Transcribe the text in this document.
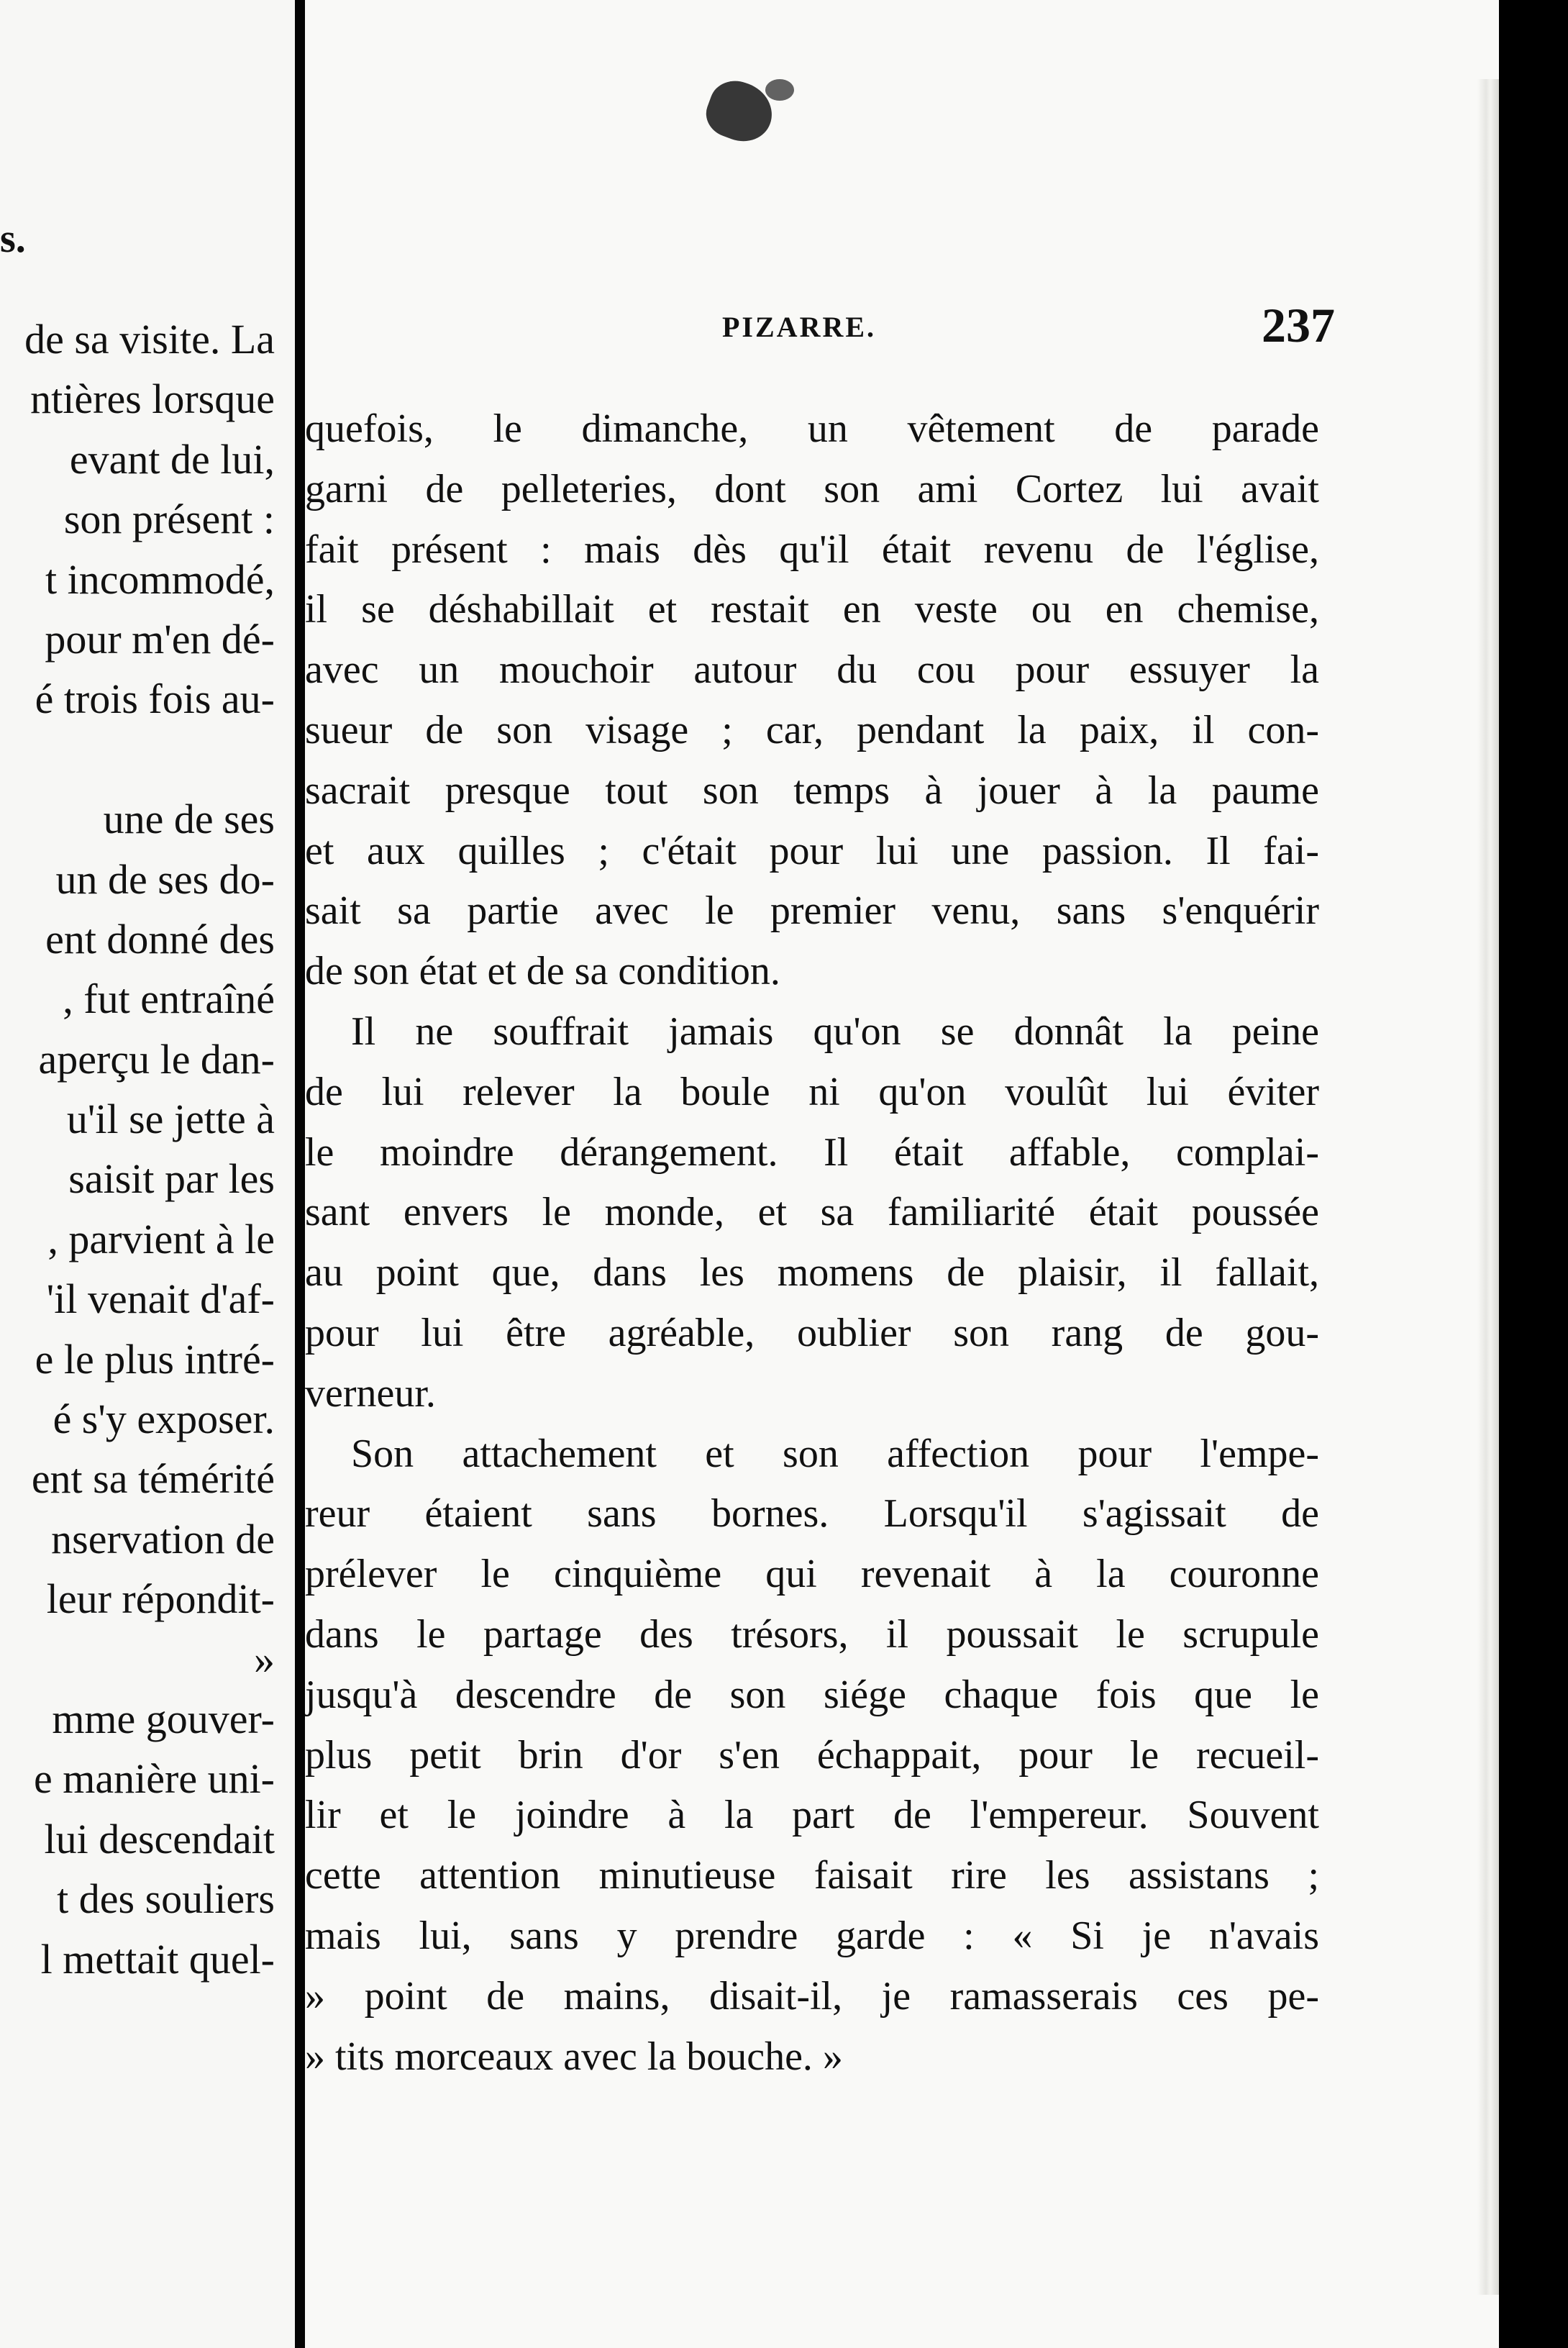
s.
de sa visite. La
ntières lorsque
evant de lui,
son présent :
t incommodé,
pour m'en dé-
é trois fois au-
une de ses
un de ses do-
ent donné des
, fut entraîné
aperçu le dan-
u'il se jette à
saisit par les
, parvient à le
'il venait d'af-
e le plus intré-
é s'y exposer.
ent sa témérité
nservation de
leur répondit-
»
mme gouver-
e manière uni-
lui descendait
t des souliers
l mettait quel-
PIZARRE.	237
quefois, le dimanche, un vêtement de parade
garni de pelleteries, dont son ami Cortez lui avait
fait présent : mais dès qu'il était revenu de l'église,
il se déshabillait et restait en veste ou en chemise,
avec un mouchoir autour du cou pour essuyer la
sueur de son visage ; car, pendant la paix, il con-
sacrait presque tout son temps à jouer à la paume
et aux quilles ; c'était pour lui une passion. Il fai-
sait sa partie avec le premier venu, sans s'enquérir
de son état et de sa condition.
Il ne souffrait jamais qu'on se donnât la peine
de lui relever la boule ni qu'on voulût lui éviter
le moindre dérangement. Il était affable, complai-
sant envers le monde, et sa familiarité était poussée
au point que, dans les momens de plaisir, il fallait,
pour lui être agréable, oublier son rang de gou-
verneur.
Son attachement et son affection pour l'empe-
reur étaient sans bornes. Lorsqu'il s'agissait de
prélever le cinquième qui revenait à la couronne
dans le partage des trésors, il poussait le scrupule
jusqu'à descendre de son siége chaque fois que le
plus petit brin d'or s'en échappait, pour le recueil-
lir et le joindre à la part de l'empereur. Souvent
cette attention minutieuse faisait rire les assistans ;
mais lui, sans y prendre garde : « Si je n'avais
» point de mains, disait-il, je ramasserais ces pe-
» tits morceaux avec la bouche. »
